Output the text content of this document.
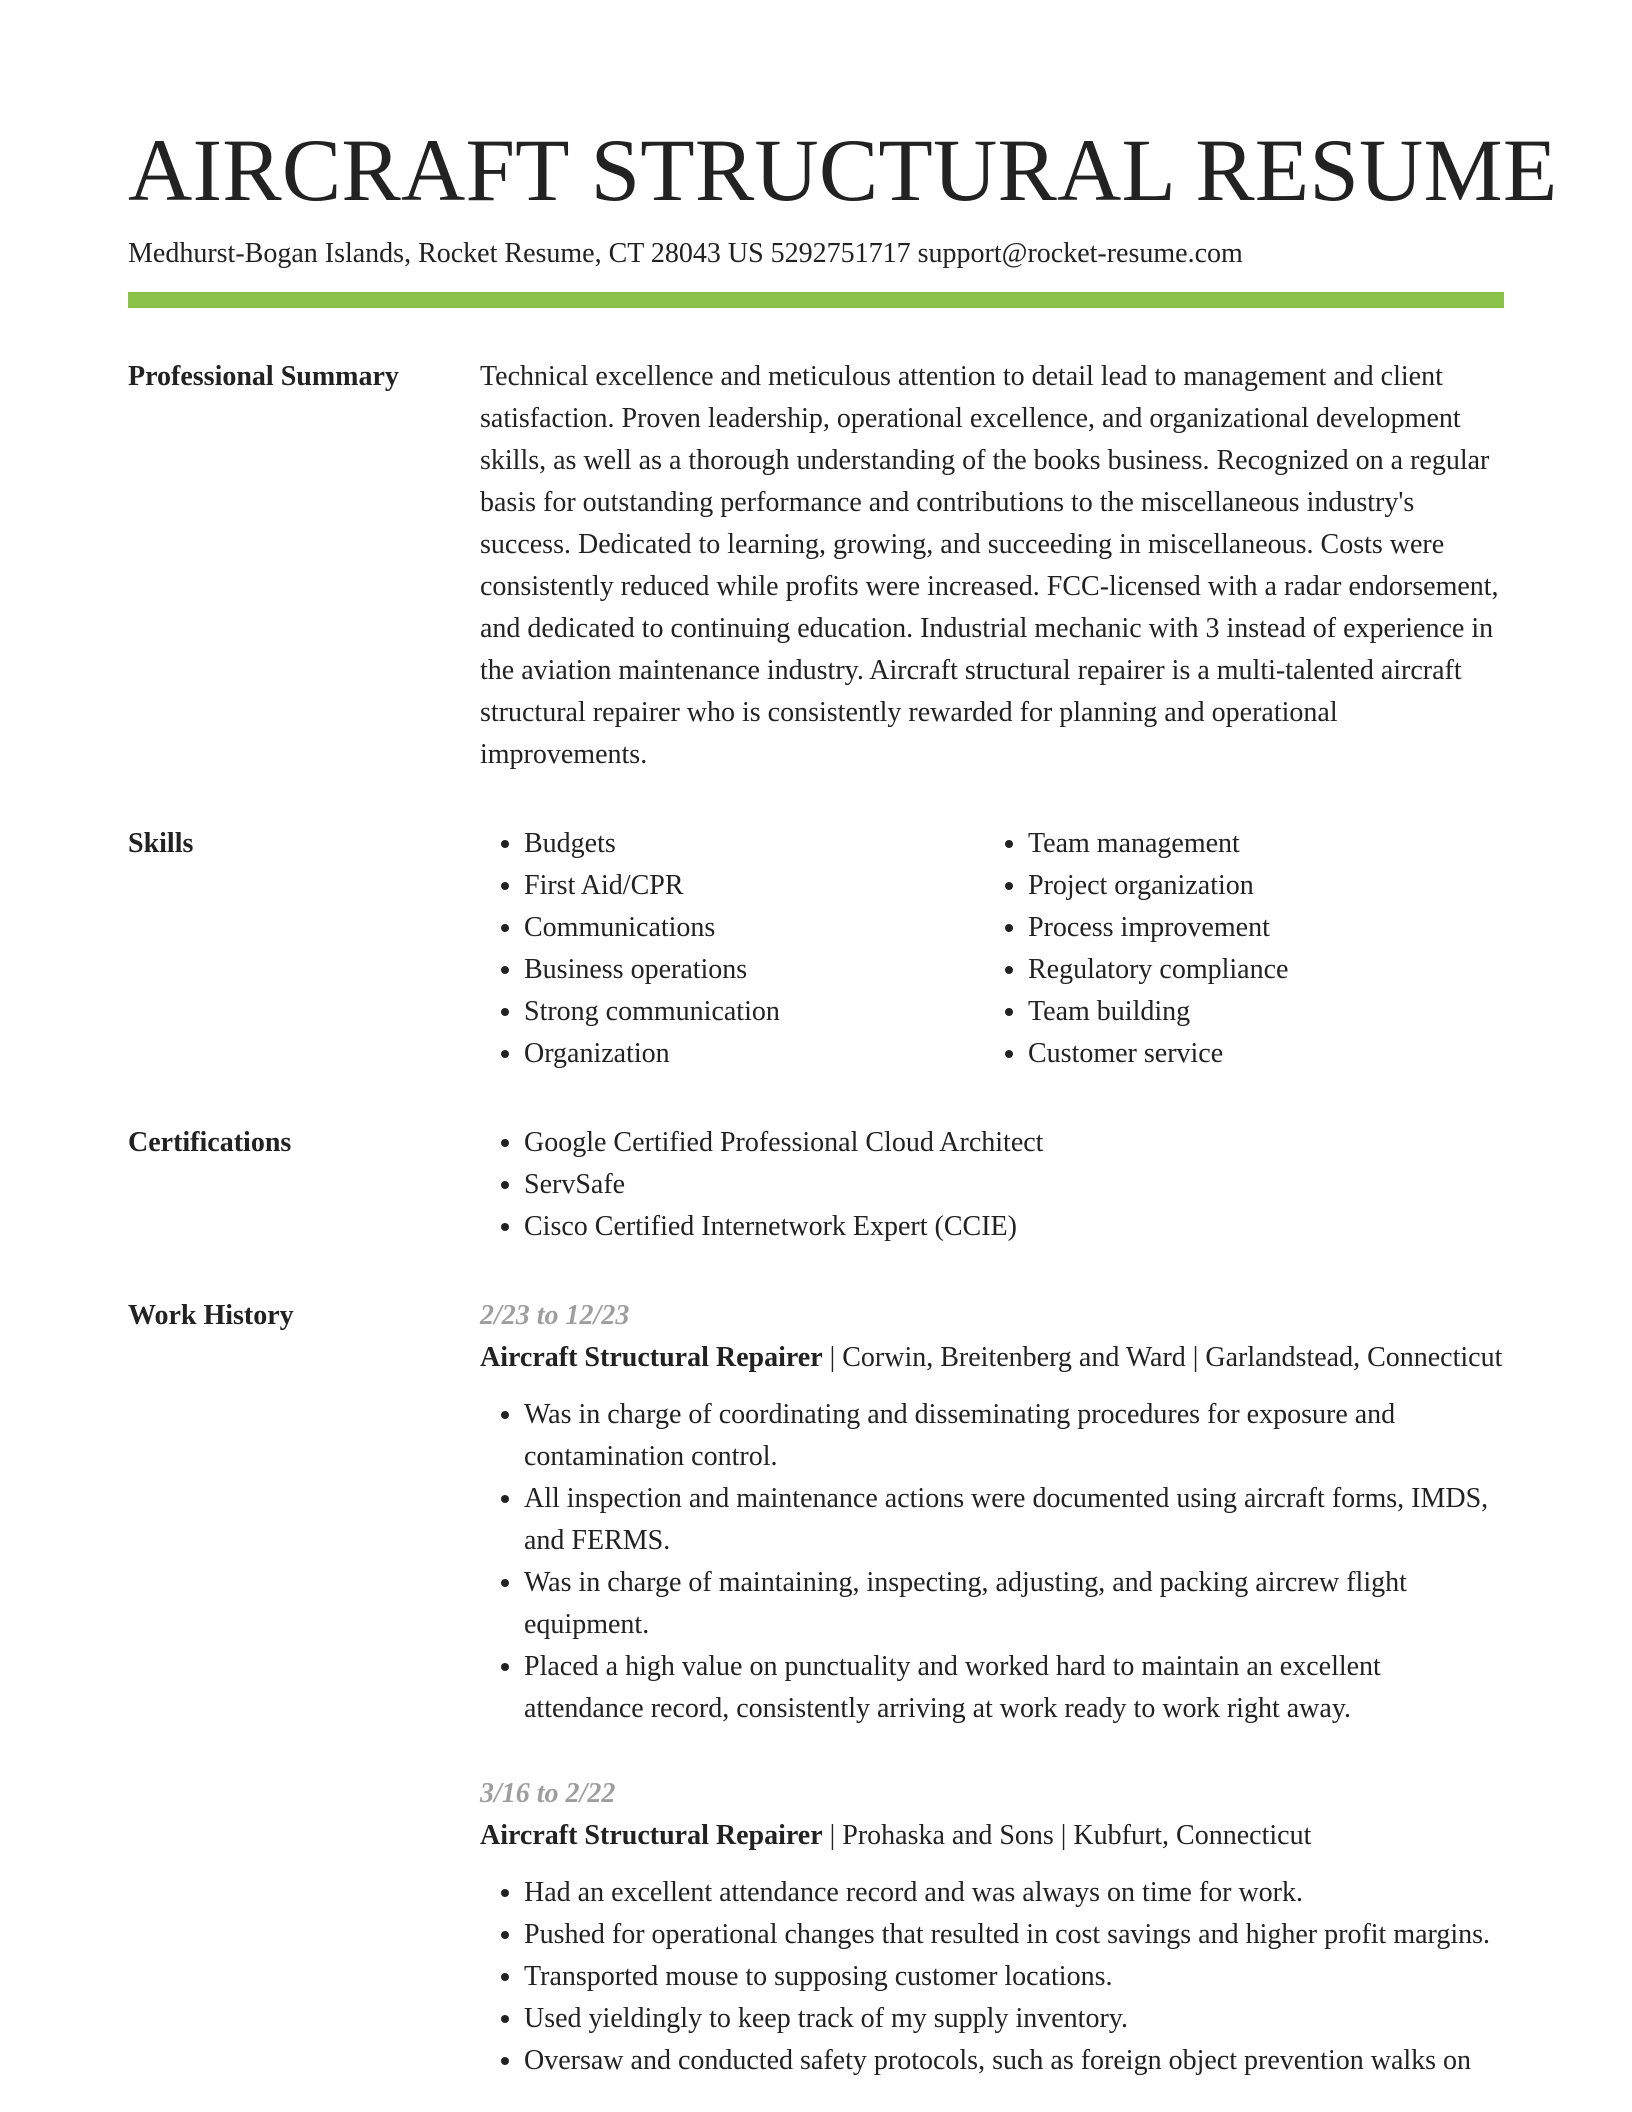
AIRCRAFT STRUCTURAL RESUME
Medhurst-Bogan Islands, Rocket Resume, CT 28043 US 5292751717 support@rocket-resume.com
Professional Summary	Technical excellence and meticulous attention to detail lead to management and client satisfaction. Proven leadership, operational excellence, and organizational development skills, as well as a thorough understanding of the books business. Recognized on a regular basis for outstanding performance and contributions to the miscellaneous industry's success. Dedicated to learning, growing, and succeeding in miscellaneous. Costs were consistently reduced while profits were increased. FCC-licensed with a radar endorsement, and dedicated to continuing education. Industrial mechanic with 3 instead of experience in the aviation maintenance industry. Aircraft structural repairer is a multi-talented aircraft structural repairer who is consistently rewarded for planning and operational improvements.

Skills	• Budgets
• First Aid/CPR
• Communications
• Business operations
• Strong communication
• Organization
• Team management
• Project organization
• Process improvement
• Regulatory compliance
• Team building
• Customer service
Certifications	• Google Certified Professional Cloud Architect
• ServSafe
• Cisco Certified Internetwork Expert (CCIE)
Work History	2/23 to 12/23

Aircraft Structural Repairer | Corwin, Breitenberg and Ward | Garlandstead, Connecticut

• Was in charge of coordinating and disseminating procedures for exposure and contamination control.
• All inspection and maintenance actions were documented using aircraft forms, IMDS, and FERMS.
• Was in charge of maintaining, inspecting, adjusting, and packing aircrew flight equipment.
• Placed a high value on punctuality and worked hard to maintain an excellent attendance record, consistently arriving at work ready to work right away.

3/16 to 2/22

Aircraft Structural Repairer | Prohaska and Sons | Kubfurt, Connecticut

• Had an excellent attendance record and was always on time for work.
• Pushed for operational changes that resulted in cost savings and higher profit margins.
• Transported mouse to supposing customer locations.
• Used yieldingly to keep track of my supply inventory.
• Oversaw and conducted safety protocols, such as foreign object prevention walks on
